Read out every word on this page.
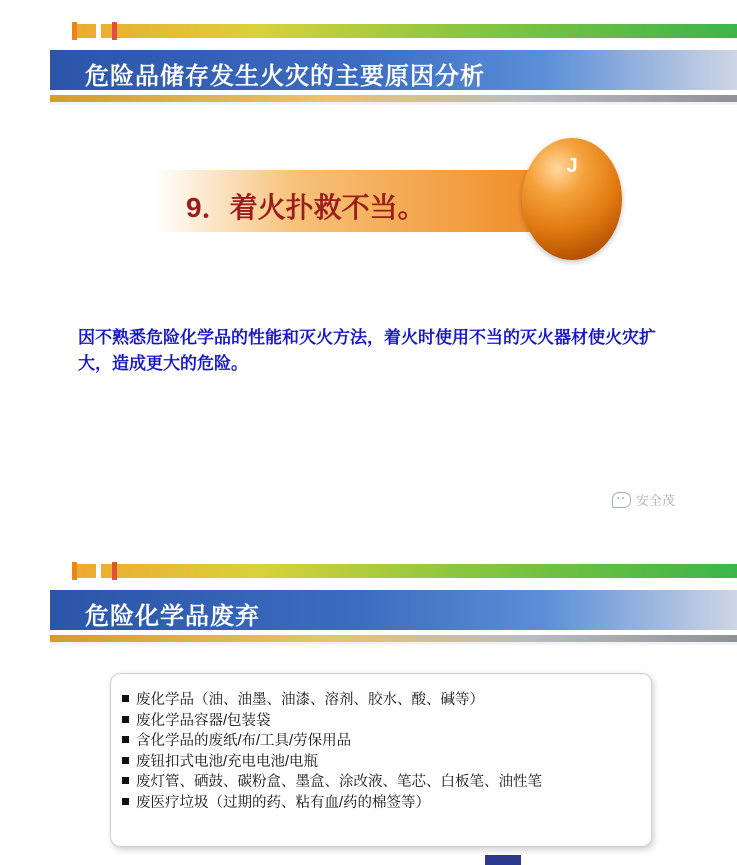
危险品储存发生火灾的主要原因分析
9．着火扑救不当。
J
因不熟悉危险化学品的性能和灭火方法，着火时使用不当的灭火器材使火灾扩大，造成更大的危险。
安全茂
危险化学品废弃
废化学品（油、油墨、油漆、溶剂、胶水、酸、碱等）
废化学品容器/包装袋
含化学品的废纸/布/工具/劳保用品
废钮扣式电池/充电电池/电瓶
废灯管、硒鼓、碳粉盒、墨盒、涂改液、笔芯、白板笔、油性笔
废医疗垃圾（过期的药、粘有血/药的棉签等）
